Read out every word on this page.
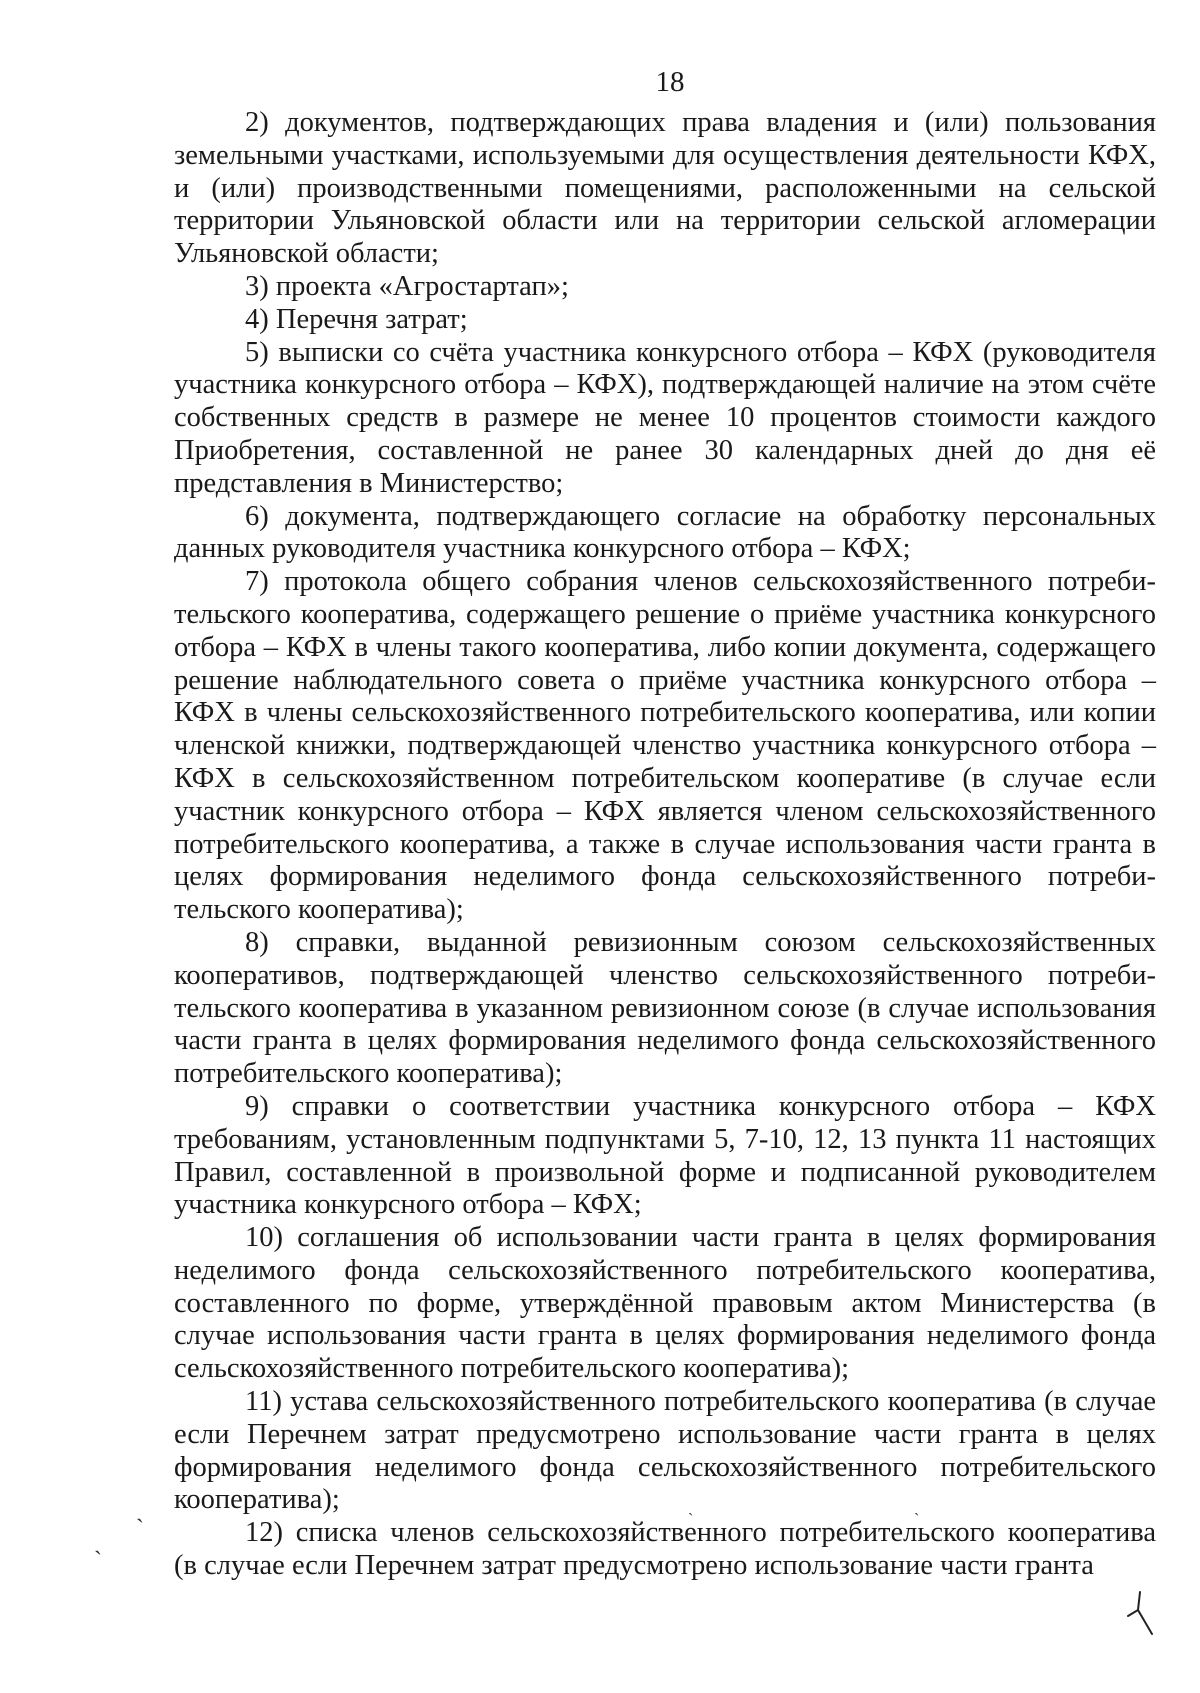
18

2) документов, подтверждающих права владения и (или) пользования земельными участками, используемыми для осуществления деятельности КФХ, и (или) производственными помещениями, расположенными на сельской территории Ульяновской области или на территории сельской агломерации Ульяновской области;

3) проекта «Агростартап»;

4) Перечня затрат;

5) выписки со счёта участника конкурсного отбора – КФХ (руководителя участника конкурсного отбора – КФХ), подтверждающей наличие на этом счёте собственных средств в размере не менее 10 процентов стоимости каждого Приобретения, составленной не ранее 30 календарных дней до дня её представления в Министерство;

6) документа, подтверждающего согласие на обработку персональных данных руководителя участника конкурсного отбора – КФХ;

7) протокола общего собрания членов сельскохозяйственного потребительского кооператива, содержащего решение о приёме участника конкурсного отбора – КФХ в члены такого кооператива, либо копии документа, содержащего решение наблюдательного совета о приёме участника конкурсного отбора – КФХ в члены сельскохозяйственного потребительского кооператива, или копии членской книжки, подтверждающей членство участника конкурсного отбора – КФХ в сельскохозяйственном потребительском кооперативе (в случае если участник конкурсного отбора – КФХ является членом сельскохозяйственного потребительского кооператива, а также в случае использования части гранта в целях формирования неделимого фонда сельскохозяйственного потребительского кооператива);

8) справки, выданной ревизионным союзом сельскохозяйственных кооперативов, подтверждающей членство сельскохозяйственного потребительского кооператива в указанном ревизионном союзе (в случае использования части гранта в целях формирования неделимого фонда сельскохозяйственного потребительского кооператива);

9) справки о соответствии участника конкурсного отбора – КФХ требованиям, установленным подпунктами 5, 7-10, 12, 13 пункта 11 настоящих Правил, составленной в произвольной форме и подписанной руководителем участника конкурсного отбора – КФХ;

10) соглашения об использовании части гранта в целях формирования неделимого фонда сельскохозяйственного потребительского кооператива, составленного по форме, утверждённой правовым актом Министерства (в случае использования части гранта в целях формирования неделимого фонда сельскохозяйственного потребительского кооператива);

11) устава сельскохозяйственного потребительского кооператива (в случае если Перечнем затрат предусмотрено использование части гранта в целях формирования неделимого фонда сельскохозяйственного потребительского кооператива);

12) списка членов сельскохозяйственного потребительского кооператива (в случае если Перечнем затрат предусмотрено использование части гранта

ˎ
ˎ
ˎ	ˎ
